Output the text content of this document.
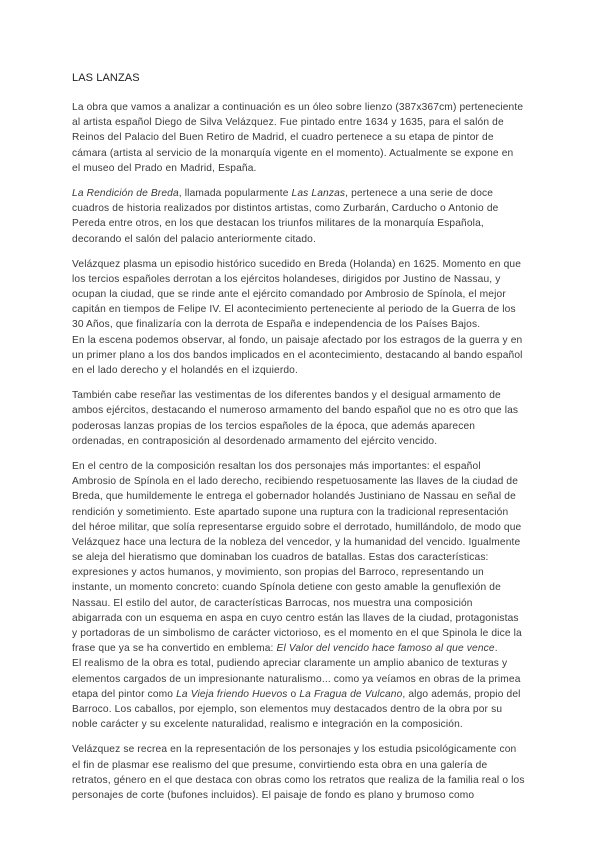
LAS LANZAS
La obra que vamos a analizar a continuación es un óleo sobre lienzo (387x367cm) perteneciente
al artista español Diego de Silva Velázquez. Fue pintado entre 1634 y 1635, para el salón de
Reinos del Palacio del Buen Retiro de Madrid, el cuadro pertenece a su etapa de pintor de
cámara (artista al servicio de la monarquía vigente en el momento). Actualmente se expone en
el museo del Prado en Madrid, España.
La Rendición de Breda, llamada popularmente Las Lanzas, pertenece a una serie de doce
cuadros de historia realizados por distintos artistas, como Zurbarán, Carducho o Antonio de
Pereda entre otros, en los que destacan los triunfos militares de la monarquía Española,
decorando el salón del palacio anteriormente citado.
Velázquez plasma un episodio histórico sucedido en Breda (Holanda) en 1625. Momento en que
los tercios españoles derrotan a los ejércitos holandeses, dirigidos por Justino de Nassau, y
ocupan la ciudad, que se rinde ante el ejército comandado por Ambrosio de Spínola, el mejor
capitán en tiempos de Felipe IV. El acontecimiento perteneciente al periodo de la Guerra de los
30 Años, que finalizaría con la derrota de España e independencia de los Países Bajos.
En la escena podemos observar, al fondo, un paisaje afectado por los estragos de la guerra y en
un primer plano a los dos bandos implicados en el acontecimiento, destacando al bando español
en el lado derecho y el holandés en el izquierdo.
También cabe reseñar las vestimentas de los diferentes bandos y el desigual armamento de
ambos ejércitos, destacando el numeroso armamento del bando español que no es otro que las
poderosas lanzas propias de los tercios españoles de la época, que además aparecen
ordenadas, en contraposición al desordenado armamento del ejército vencido.
En el centro de la composición resaltan los dos personajes más importantes: el español
Ambrosio de Spínola en el lado derecho, recibiendo respetuosamente las llaves de la ciudad de
Breda, que humildemente le entrega el gobernador holandés Justiniano de Nassau en señal de
rendición y sometimiento. Este apartado supone una ruptura con la tradicional representación
del héroe militar, que solía representarse erguido sobre el derrotado, humillándolo, de modo que
Velázquez hace una lectura de la nobleza del vencedor, y la humanidad del vencido. Igualmente
se aleja del hieratismo que dominaban los cuadros de batallas. Estas dos características:
expresiones y actos humanos, y movimiento, son propias del Barroco, representando un
instante, un momento concreto: cuando Spínola detiene con gesto amable la genuflexión de
Nassau. El estilo del autor, de características Barrocas, nos muestra una composición
abigarrada con un esquema en aspa en cuyo centro están las llaves de la ciudad, protagonistas
y portadoras de un simbolismo de carácter victorioso, es el momento en el que Spinola le dice la
frase que ya se ha convertido en emblema: El Valor del vencido hace famoso al que vence.
El realismo de la obra es total, pudiendo apreciar claramente un amplio abanico de texturas y
elementos cargados de un impresionante naturalismo... como ya veíamos en obras de la primea
etapa del pintor como La Vieja friendo Huevos o La Fragua de Vulcano, algo además, propio del
Barroco. Los caballos, por ejemplo, son elementos muy destacados dentro de la obra por su
noble carácter y su excelente naturalidad, realismo e integración en la composición.
Velázquez se recrea en la representación de los personajes y los estudia psicológicamente con
el fin de plasmar ese realismo del que presume, convirtiendo esta obra en una galería de
retratos, género en el que destaca con obras como los retratos que realiza de la familia real o los
personajes de corte (bufones incluidos). El paisaje de fondo es plano y brumoso como
